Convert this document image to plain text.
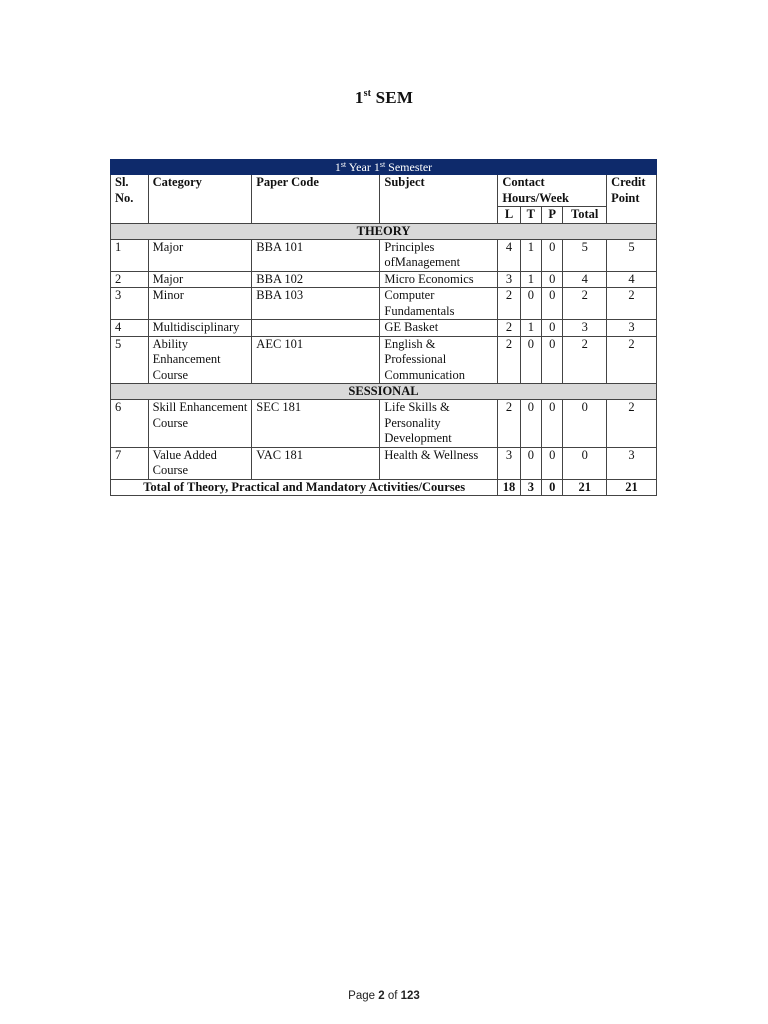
1st SEM
1st Year 1st Semester								
Sl. No.	Category	Paper Code	Subject	Contact Hours/Week				Credit Point
				L	T	P	Total	
THEORY								
1	Major	BBA 101	Principles ofManagement	4	1	0	5	5
2	Major	BBA 102	Micro Economics	3	1	0	4	4
3	Minor	BBA 103	Computer Fundamentals	2	0	0	2	2
4	Multidisciplinary		GE Basket	2	1	0	3	3
5	Ability Enhancement Course	AEC 101	English & Professional Communication	2	0	0	2	2
SESSIONAL								
6	Skill Enhancement Course	SEC 181	Life Skills & Personality Development	2	0	0	0	2
7	Value Added Course	VAC 181	Health & Wellness	3	0	0	0	3
Total of Theory, Practical and Mandatory Activities/Courses				18	3	0	21	21
Page 2 of 123
